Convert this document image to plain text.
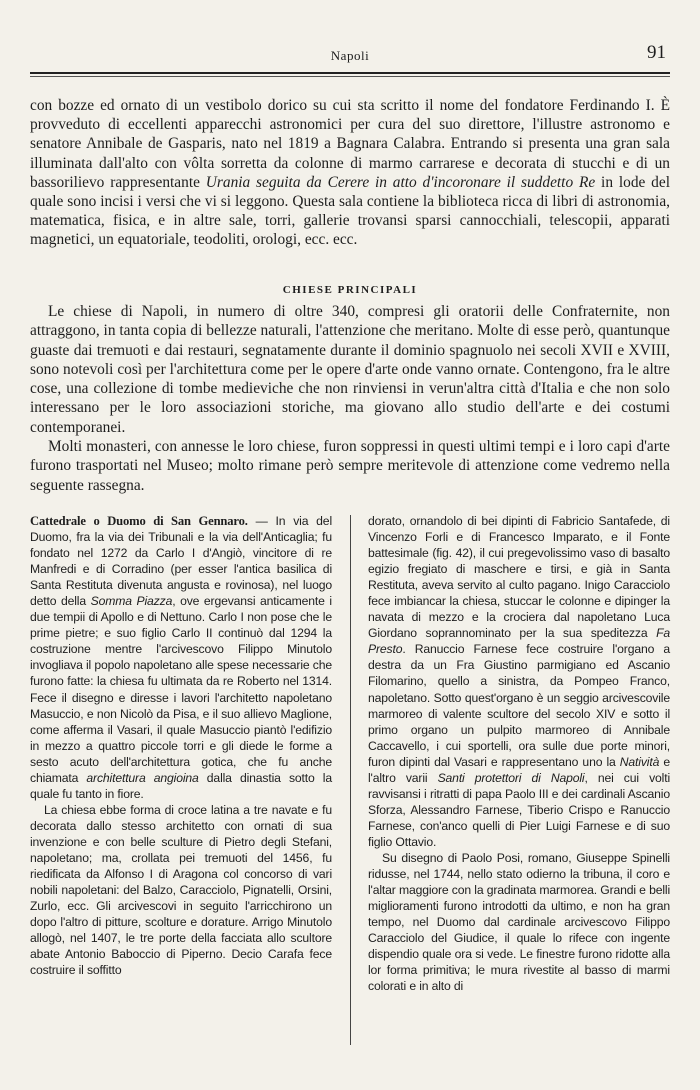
Napoli	91

con bozze ed ornato di un vestibolo dorico su cui sta scritto il nome del fondatore Ferdinando I. È provveduto di eccellenti apparecchi astronomici per cura del suo direttore, l'illustre astronomo e senatore Annibale de Gasparis, nato nel 1819 a Bagnara Calabra. Entrando si presenta una gran sala illuminata dall'alto con vôlta sorretta da colonne di marmo carrarese e decorata di stucchi e di un bassorilievo rappresentante Urania seguita da Cerere in atto d'incoronare il suddetto Re in lode del quale sono incisi i versi che vi si leggono. Questa sala contiene la biblioteca ricca di libri di astronomia, matematica, fisica, e in altre sale, torri, gallerie trovansi sparsi cannocchiali, telescopii, apparati magnetici, un equatoriale, teodoliti, orologi, ecc. ecc.

CHIESE PRINCIPALI

Le chiese di Napoli, in numero di oltre 340, compresi gli oratorii delle Confraternite, non attraggono, in tanta copia di bellezze naturali, l'attenzione che meritano. Molte di esse però, quantunque guaste dai tremuoti e dai restauri, segnatamente durante il dominio spagnuolo nei secoli XVII e XVIII, sono notevoli così per l'architettura come per le opere d'arte onde vanno ornate. Contengono, fra le altre cose, una collezione di tombe medieviche che non rinviensi in verun'altra città d'Italia e che non solo interessano per le loro associazioni storiche, ma giovano allo studio dell'arte e dei costumi contemporanei.

Molti monasteri, con annesse le loro chiese, furon soppressi in questi ultimi tempi e i loro capi d'arte furono trasportati nel Museo; molto rimane però sempre meritevole di attenzione come vedremo nella seguente rassegna.

Cattedrale o Duomo di San Gennaro. — In via del Duomo, fra la via dei Tribunali e la via dell'Anticaglia; fu fondato nel 1272 da Carlo I d'Angiò, vincitore di re Manfredi e di Corradino (per esser l'antica basilica di Santa Restituta divenuta angusta e rovinosa), nel luogo detto della Somma Piazza, ove ergevansi anticamente i due tempii di Apollo e di Nettuno. Carlo I non pose che le prime pietre; e suo figlio Carlo II continuò dal 1294 la costruzione mentre l'arcivescovo Filippo Minutolo invogliava il popolo napoletano alle spese necessarie che furono fatte: la chiesa fu ultimata da re Roberto nel 1314. Fece il disegno e diresse i lavori l'architetto napoletano Masuccio, e non Nicolò da Pisa, e il suo allievo Maglione, come afferma il Vasari, il quale Masuccio piantò l'edifizio in mezzo a quattro piccole torri e gli diede le forme a sesto acuto dell'architettura gotica, che fu anche chiamata architettura angioina dalla dinastia sotto la quale fu tanto in fiore.

La chiesa ebbe forma di croce latina a tre navate e fu decorata dallo stesso architetto con ornati di sua invenzione e con belle sculture di Pietro degli Stefani, napoletano; ma, crollata pei tremuoti del 1456, fu riedificata da Alfonso I di Aragona col concorso di vari nobili napoletani: del Balzo, Caracciolo, Pignatelli, Orsini, Zurlo, ecc. Gli arcivescovi in seguito l'arricchirono un dopo l'altro di pitture, scolture e dorature. Arrigo Minutolo allogò, nel 1407, le tre porte della facciata allo scultore abate Antonio Baboccio di Piperno. Decio Carafa fece costruire il soffitto

dorato, ornandolo di bei dipinti di Fabricio Santafede, di Vincenzo Forli e di Francesco Imparato, e il Fonte battesimale (fig. 42), il cui pregevolissimo vaso di basalto egizio fregiato di maschere e tirsi, e già in Santa Restituta, aveva servito al culto pagano. Inigo Caracciolo fece imbiancar la chiesa, stuccar le colonne e dipinger la navata di mezzo e la crociera dal napoletano Luca Giordano soprannominato per la sua speditezza Fa Presto. Ranuccio Farnese fece costruire l'organo a destra da un Fra Giustino parmigiano ed Ascanio Filomarino, quello a sinistra, da Pompeo Franco, napoletano. Sotto quest'organo è un seggio arcivescovile marmoreo di valente scultore del secolo XIV e sotto il primo organo un pulpito marmoreo di Annibale Caccavello, i cui sportelli, ora sulle due porte minori, furon dipinti dal Vasari e rappresentano uno la Natività e l'altro varii Santi protettori di Napoli, nei cui volti ravvisansi i ritratti di papa Paolo III e dei cardinali Ascanio Sforza, Alessandro Farnese, Tiberio Crispo e Ranuccio Farnese, con'anco quelli di Pier Luigi Farnese e di suo figlio Ottavio.

Su disegno di Paolo Posi, romano, Giuseppe Spinelli ridusse, nel 1744, nello stato odierno la tribuna, il coro e l'altar maggiore con la gradinata marmorea. Grandi e belli miglioramenti furono introdotti da ultimo, e non ha gran tempo, nel Duomo dal cardinale arcivescovo Filippo Caracciolo del Giudice, il quale lo rifece con ingente dispendio quale ora si vede. Le finestre furono ridotte alla lor forma primitiva; le mura rivestite al basso di marmi colorati e in alto di
